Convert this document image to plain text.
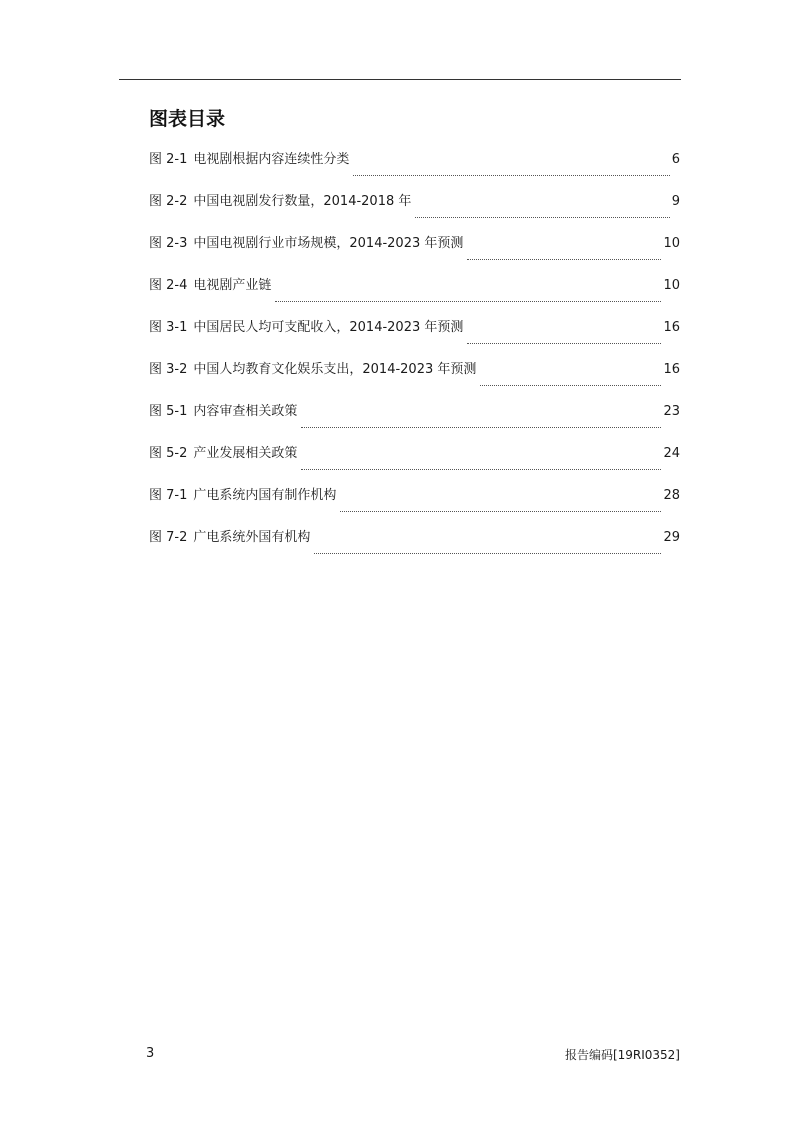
图表目录
图 2-1 电视剧根据内容连续性分类	6
图 2-2 中国电视剧发行数量，2014-2018 年	9
图 2-3 中国电视剧行业市场规模，2014-2023 年预测	10
图 2-4 电视剧产业链	10
图 3-1 中国居民人均可支配收入，2014-2023 年预测	16
图 3-2 中国人均教育文化娱乐支出，2014-2023 年预测	16
图 5-1 内容审查相关政策	23
图 5-2 产业发展相关政策	24
图 7-1 广电系统内国有制作机构	28
图 7-2 广电系统外国有机构	29
3	报告编码[19RI0352]
